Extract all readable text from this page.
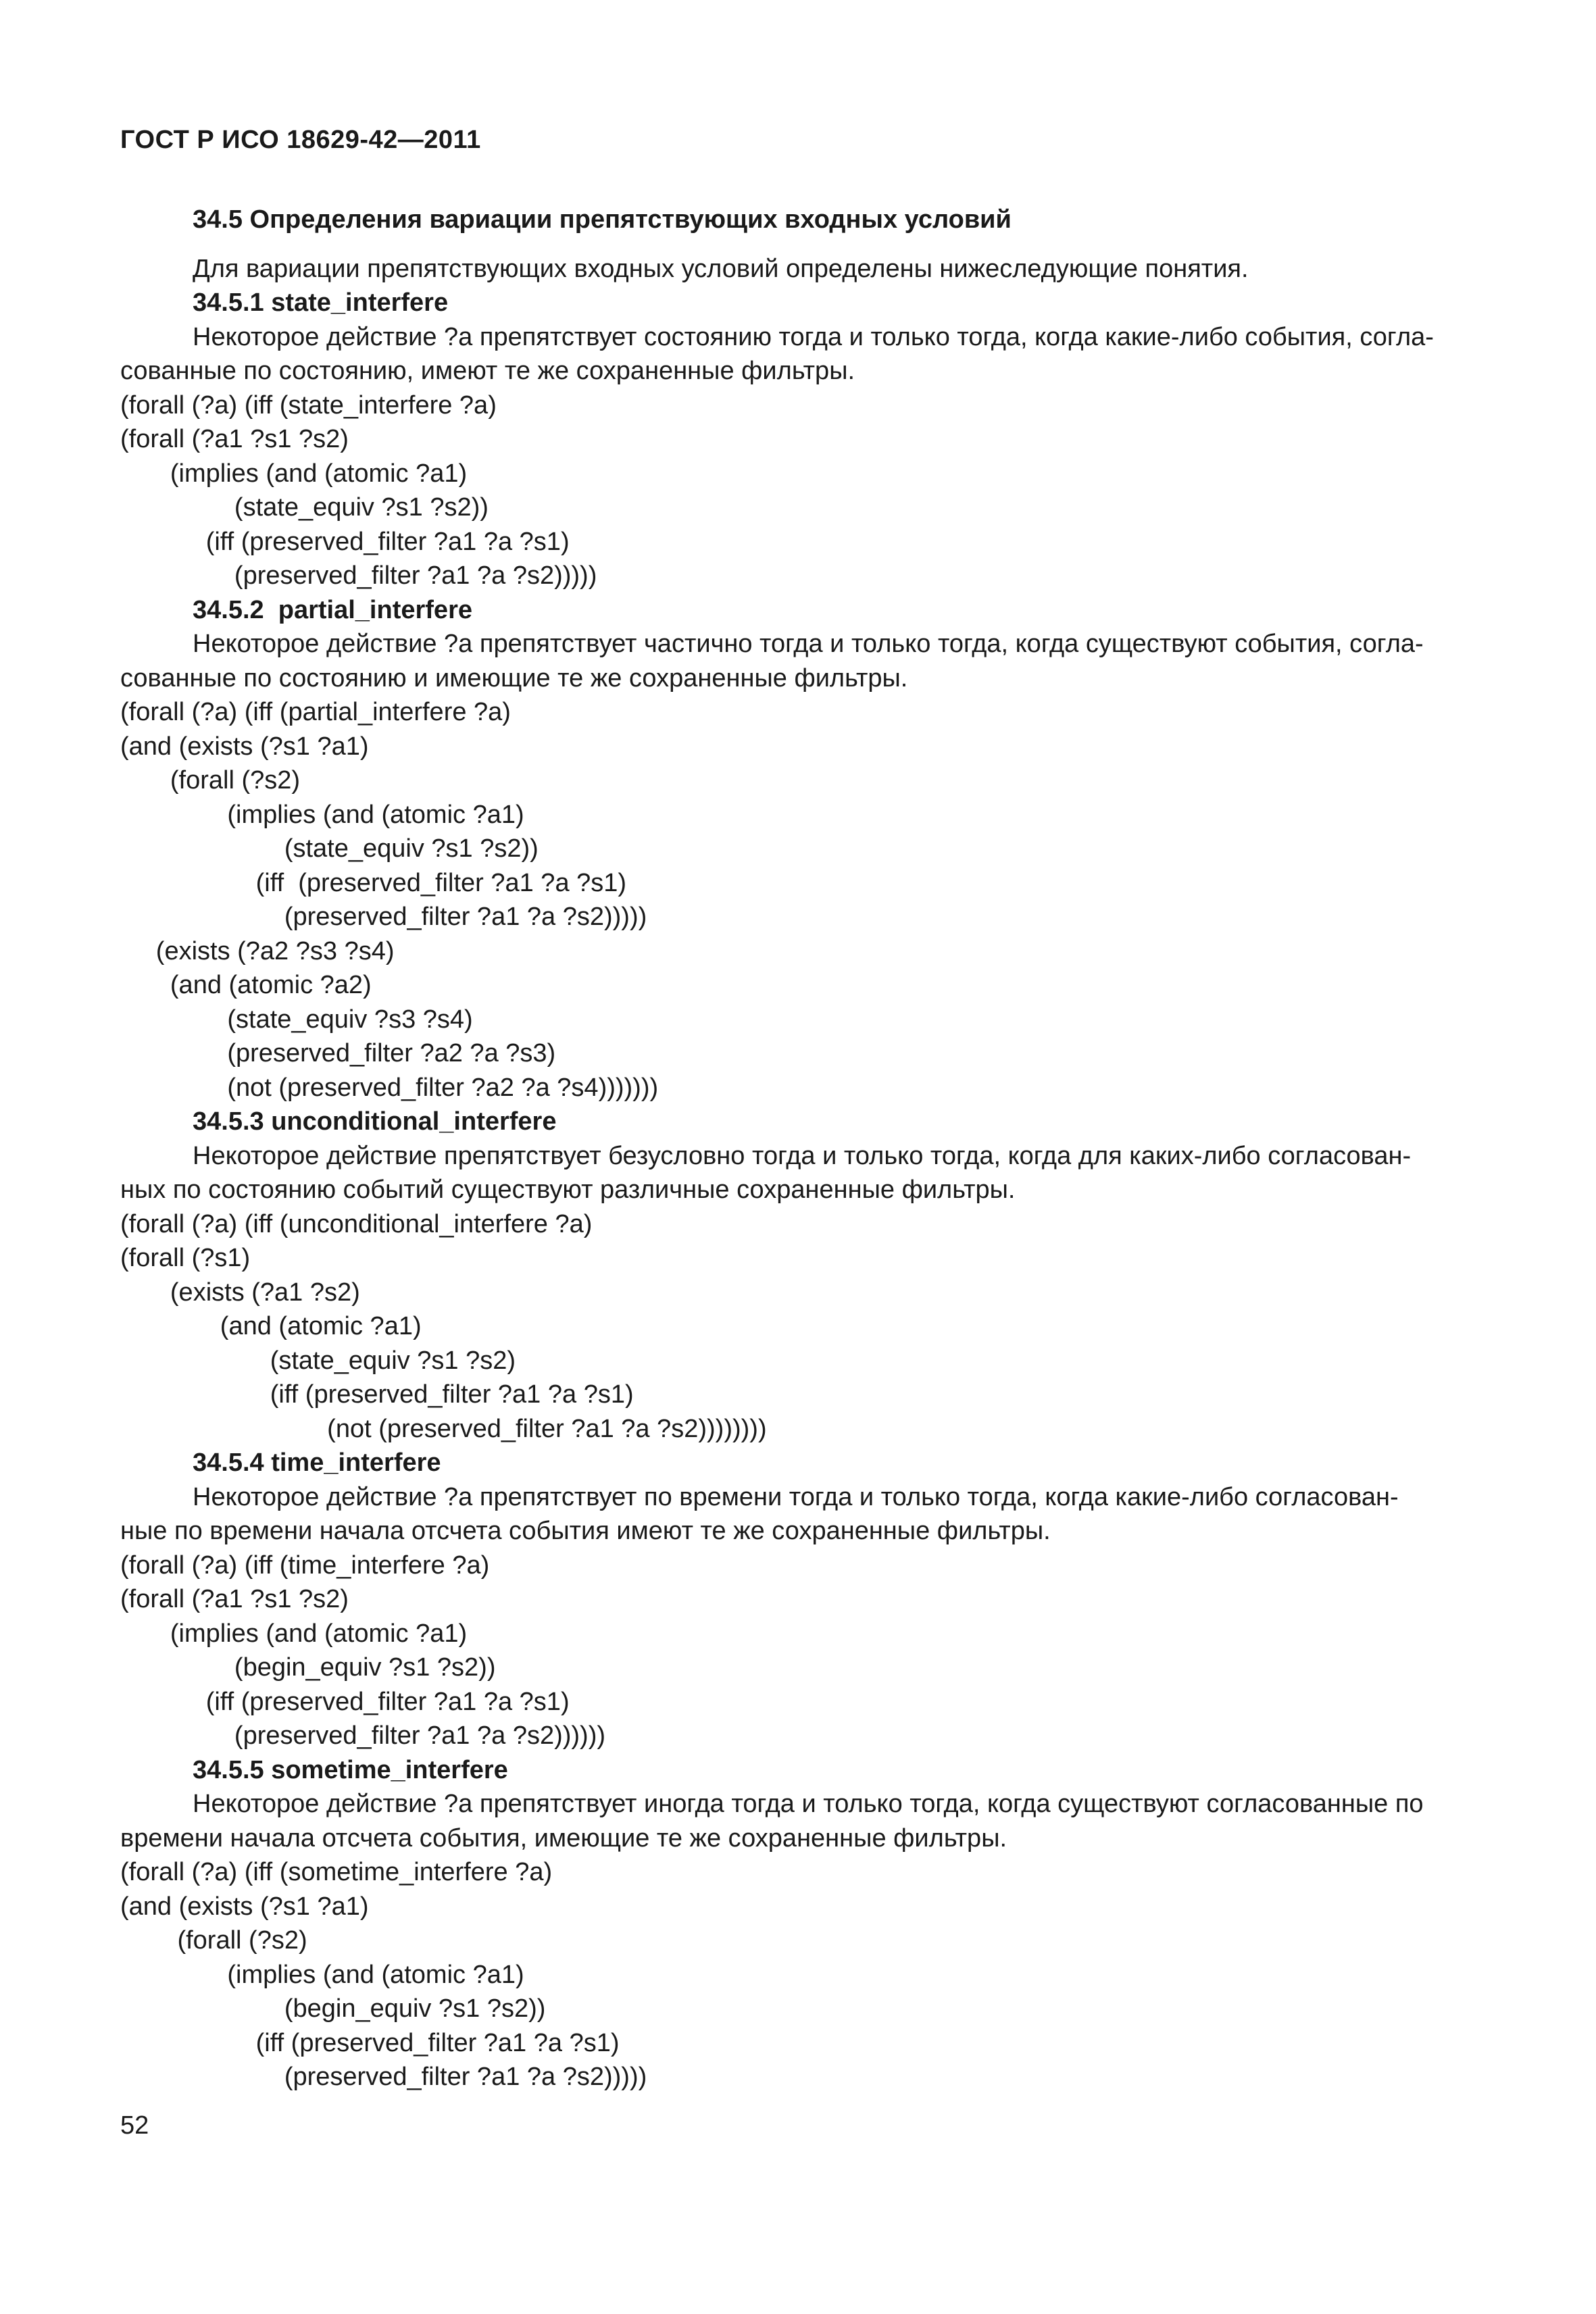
ГОСТ Р ИСО 18629-42—2011
34.5 Определения вариации препятствующих входных условий
Для вариации препятствующих входных условий определены нижеследующие понятия.
34.5.1 state_interfere
Некоторое действие ?a препятствует состоянию тогда и только тогда, когда какие-либо события, согла-
сованные по состоянию, имеют те же сохраненные фильтры.
(forall (?a) (iff (state_interfere ?a)
(forall (?a1 ?s1 ?s2)
(implies (and (atomic ?a1)
(state_equiv ?s1 ?s2))
(iff (preserved_filter ?a1 ?a ?s1)
(preserved_filter ?a1 ?a ?s2)))))
34.5.2  partial_interfere
Некоторое действие ?a препятствует частично тогда и только тогда, когда существуют события, согла-
сованные по состоянию и имеющие те же сохраненные фильтры.
(forall (?a) (iff (partial_interfere ?a)
(and (exists (?s1 ?a1)
(forall (?s2)
(implies (and (atomic ?a1)
(state_equiv ?s1 ?s2))
(iff  (preserved_filter ?a1 ?a ?s1)
(preserved_filter ?a1 ?a ?s2)))))
(exists (?a2 ?s3 ?s4)
(and (atomic ?a2)
(state_equiv ?s3 ?s4)
(preserved_filter ?a2 ?a ?s3)
(not (preserved_filter ?a2 ?a ?s4)))))))
34.5.3 unconditional_interfere
Некоторое действие препятствует безусловно тогда и только тогда, когда для каких-либо согласован-
ных по состоянию событий существуют различные сохраненные фильтры.
(forall (?a) (iff (unconditional_interfere ?a)
(forall (?s1)
(exists (?a1 ?s2)
(and (atomic ?a1)
(state_equiv ?s1 ?s2)
(iff (preserved_filter ?a1 ?a ?s1)
(not (preserved_filter ?a1 ?a ?s2))))))))
34.5.4 time_interfere
Некоторое действие ?a препятствует по времени тогда и только тогда, когда какие-либо согласован-
ные по времени начала отсчета события имеют те же сохраненные фильтры.
(forall (?a) (iff (time_interfere ?a)
(forall (?a1 ?s1 ?s2)
(implies (and (atomic ?a1)
(begin_equiv ?s1 ?s2))
(iff (preserved_filter ?a1 ?a ?s1)
(preserved_filter ?a1 ?a ?s2))))))
34.5.5 sometime_interfere
Некоторое действие ?a препятствует иногда тогда и только тогда, когда существуют согласованные по
времени начала отсчета события, имеющие те же сохраненные фильтры.
(forall (?a) (iff (sometime_interfere ?a)
(and (exists (?s1 ?a1)
(forall (?s2)
(implies (and (atomic ?a1)
(begin_equiv ?s1 ?s2))
(iff (preserved_filter ?a1 ?a ?s1)
(preserved_filter ?a1 ?a ?s2)))))
52
